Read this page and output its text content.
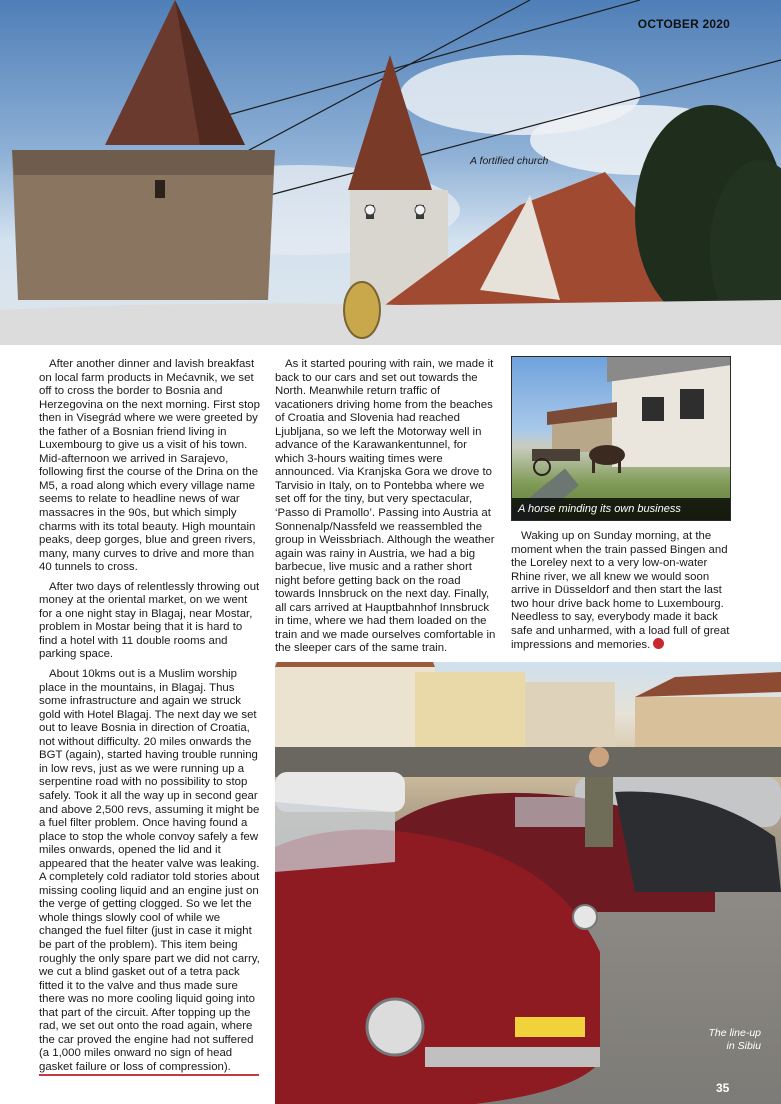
A fortified church
OCTOBER 2020

After another dinner and lavish breakfast on local farm products in Mećavnik, we set off to cross the border to Bosnia and Herzegovina on the next morning. First stop then in Visegrád where we were greeted by the father of a Bosnian friend living in Luxembourg to give us a visit of his town. Mid-afternoon we arrived in Sarajevo, following first the course of the Drina on the M5, a road along which every village name seems to relate to headline news of war massacres in the 90s, but which simply charms with its total beauty. High mountain peaks, deep gorges, blue and green rivers, many, many curves to drive and more than 40 tunnels to cross.

After two days of relentlessly throwing out money at the oriental market, on we went for a one night stay in Blagaj, near Mostar, problem in Mostar being that it is hard to find a hotel with 11 double rooms and parking space.

About 10kms out is a Muslim worship place in the mountains, in Blagaj. Thus some infrastructure and again we struck gold with Hotel Blagaj. The next day we set out to leave Bosnia in direction of Croatia, not without difficulty. 20 miles onwards the BGT (again), started having trouble running in low revs, just as we were running up a serpentine road with no possibility to stop safely. Took it all the way up in second gear and above 2,500 revs, assuming it might be a fuel filter problem. Once having found a place to stop the whole convoy safely a few miles onwards, opened the lid and it appeared that the heater valve was leaking. A completely cold radiator told stories about missing cooling liquid and an engine just on the verge of getting clogged. So we let the whole things slowly cool of while we changed the fuel filter (just in case it might be part of the problem). This item being roughly the only spare part we did not carry, we cut a blind gasket out of a tetra pack fitted it to the valve and thus made sure there was no more cooling liquid going into that part of the circuit. After topping up the rad, we set out onto the road again, where the car proved the engine had not suffered (a 1,000 miles onward no sign of head gasket failure or loss of compression).

As it started pouring with rain, we made it back to our cars and set out towards the North. Meanwhile return traffic of vacationers driving home from the beaches of Croatia and Slovenia had reached Ljubljana, so we left the Motorway well in advance of the Karawankentunnel, for which 3-hours waiting times were announced. Via Kranjska Gora we drove to Tarvisio in Italy, on to Pontebba where we set off for the tiny, but very spectacular, ‘Passo di Pramollo’. Passing into Austria at Sonnenalp/Nassfeld we reassembled the group in Weissbriach. Although the weather again was rainy in Austria, we had a big barbecue, live music and a rather short night before getting back on the road towards Innsbruck on the next day. Finally, all cars arrived at Hauptbahnhof Innsbruck in time, where we had them loaded on the train and we made ourselves comfortable in the sleeper cars of the same train.

A horse minding its own business

Waking up on Sunday morning, at the moment when the train passed Bingen and the Loreley next to a very low-on-water Rhine river, we all knew we would soon arrive in Düsseldorf and then start the last two hour drive back home to Luxembourg. Needless to say, everybody made it back safe and unharmed, with a load full of great impressions and memories.

The line-up
in Sibiu
35
